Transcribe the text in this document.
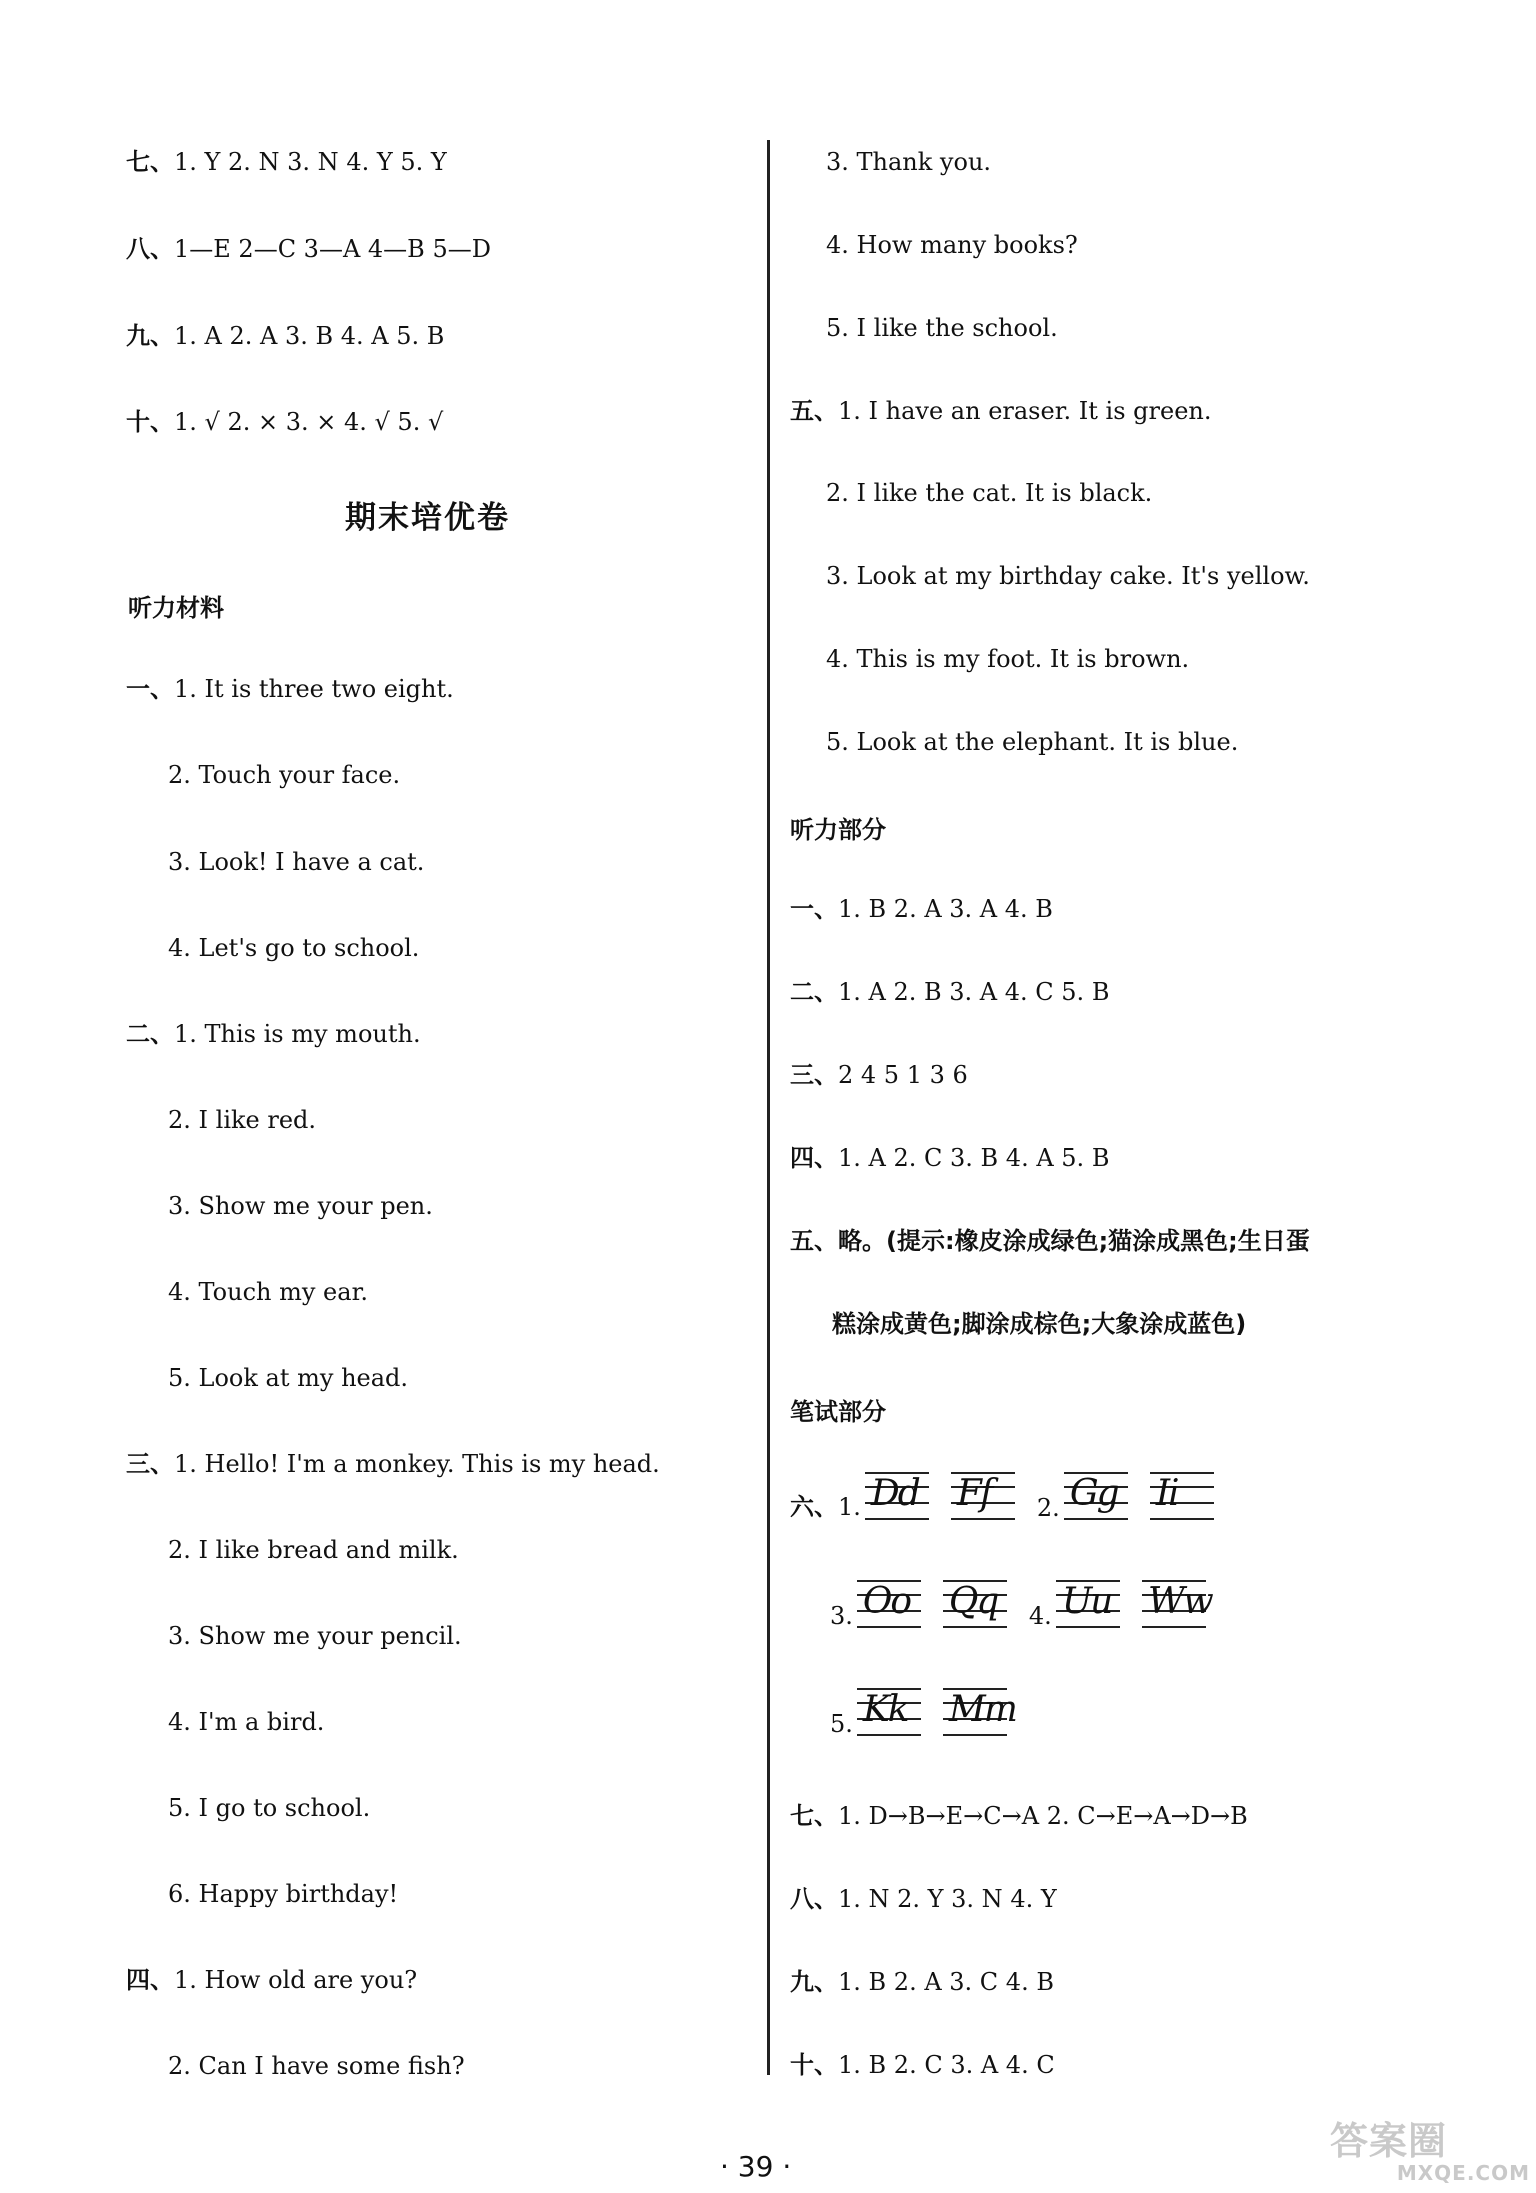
七、1. Y 2. N 3. N 4. Y 5. Y
八、1—E 2—C 3—A 4—B 5—D
九、1. A 2. A 3. B 4. A 5. B
十、1. √ 2. × 3. × 4. √ 5. √
期末培优卷
听力材料
一、1. It is three two eight.
2. Touch your face.
3. Look! I have a cat.
4. Let's go to school.
二、1. This is my mouth.
2. I like red.
3. Show me your pen.
4. Touch my ear.
5. Look at my head.
三、1. Hello! I'm a monkey. This is my head.
2. I like bread and milk.
3. Show me your pencil.
4. I'm a bird.
5. I go to school.
6. Happy birthday!
四、1. How old are you?
2. Can I have some fish?
3. Thank you.
4. How many books?
5. I like the school.
五、1. I have an eraser. It is green.
2. I like the cat. It is black.
3. Look at my birthday cake. It's yellow.
4. This is my foot. It is brown.
5. Look at the elephant. It is blue.
听力部分
一、1. B 2. A 3. A 4. B
二、1. A 2. B 3. A 4. C 5. B
三、2 4 5 1 3 6
四、1. A 2. C 3. B 4. A 5. B
五、略。(提示:橡皮涂成绿色;猫涂成黑色;生日蛋
糕涂成黄色;脚涂成棕色;大象涂成蓝色)
笔试部分
六、1. Dd Ff 2. Gg Ii
3. Oo Qq 4. Uu Ww
5. Kk Mm
七、1. D→B→E→C→A 2. C→E→A→D→B
八、1. N 2. Y 3. N 4. Y
九、1. B 2. A 3. C 4. B
十、1. B 2. C 3. A 4. C
· 39 ·
答案圈
MXQE.COM
